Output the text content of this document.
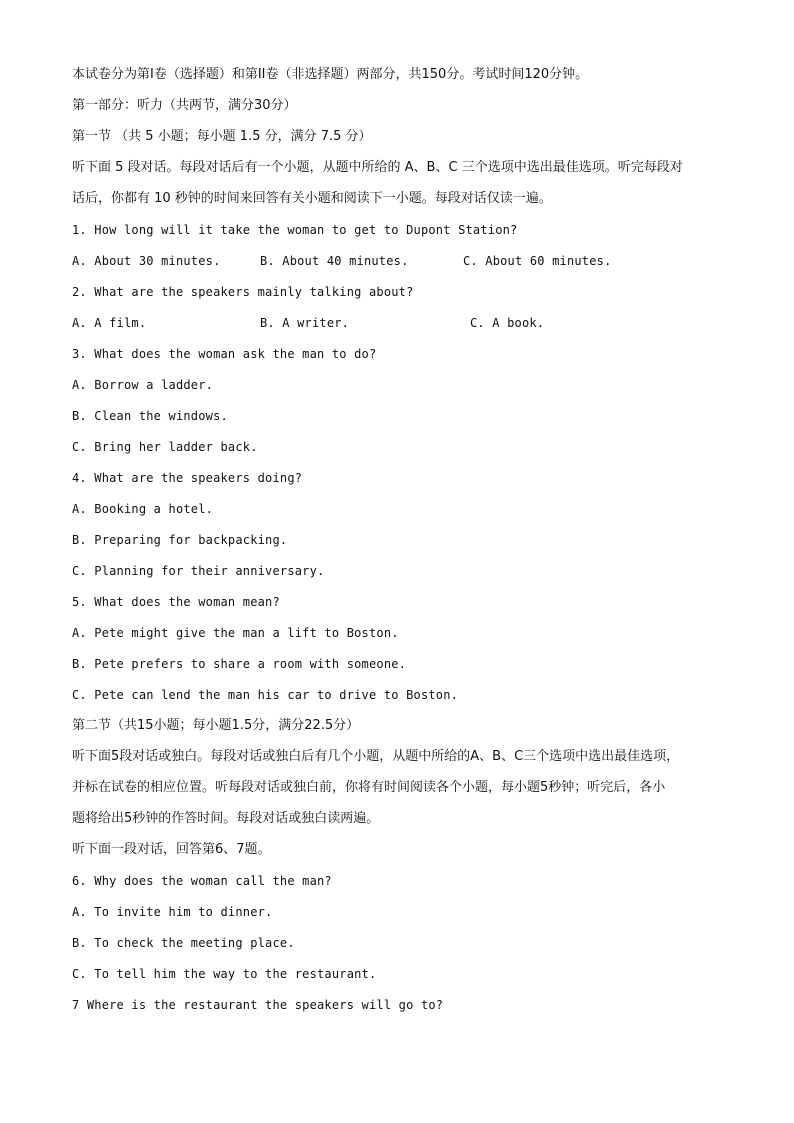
本试卷分为第I卷（选择题）和第II卷（非选择题）两部分，共150分。考试时间120分钟。

第一部分：听力（共两节，满分30分）

第一节 （共 5 小题；每小题 1.5 分，满分 7.5 分）

听下面 5 段对话。每段对话后有一个小题，从题中所给的 A、B、C 三个选项中选出最佳选项。听完每段对

话后，你都有 10 秒钟的时间来回答有关小题和阅读下一小题。每段对话仅读一遍。

1. How long will it take the woman to get to Dupont Station?

A. About 30 minutes.	B. About 40 minutes.	C. About 60 minutes.

2. What are the speakers mainly talking about?

A. A film.	B. A writer.	C. A book.

3. What does the woman ask the man to do?

A. Borrow a ladder.

B. Clean the windows.

C. Bring her ladder back.

4. What are the speakers doing?

A. Booking a hotel.

B. Preparing for backpacking.

C. Planning for their anniversary.

5. What does the woman mean?

A. Pete might give the man a lift to Boston.

B. Pete prefers to share a room with someone.

C. Pete can lend the man his car to drive to Boston.

第二节（共15小题；每小题1.5分，满分22.5分）

听下面5段对话或独白。每段对话或独白后有几个小题，从题中所给的A、B、C三个选项中选出最佳选项，

并标在试卷的相应位置。听每段对话或独白前，你将有时间阅读各个小题，每小题5秒钟；听完后，各小

题将给出5秒钟的作答时间。每段对话或独白读两遍。

听下面一段对话，回答第6、7题。

6. Why does the woman call the man?

A. To invite him to dinner.

B. To check the meeting place.

C. To tell him the way to the restaurant.

7 Where is the restaurant the speakers will go to?
